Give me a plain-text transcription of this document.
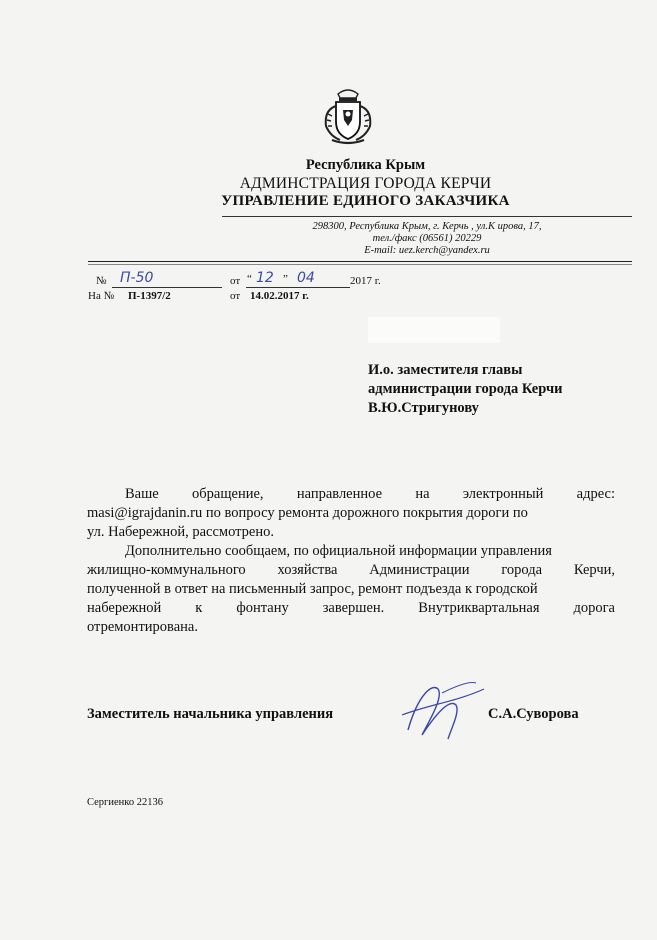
Республика Крым
АДМИНСТРАЦИЯ ГОРОДА КЕРЧИ
УПРАВЛЕНИЕ ЕДИНОГО ЗАКАЗЧИКА
298300, Республика Крым, г. Керчь , ул.К ирова, 17,
тел./факс (06561) 20229
E-mail: uez.kerch@yandex.ru
№ П-50	от “ 12 ” 04	2017 г.
На № П-1397/2	от 14.02.2017 г.
И.о. заместителя главы
администрации города Керчи
В.Ю.Стригунову
Ваше обращение, направленное на электронный адрес:
masi@igrajdanin.ru по вопросу ремонта дорожного покрытия дороги по
ул. Набережной, рассмотрено.
Дополнительно сообщаем, по официальной информации управления
жилищно-коммунального хозяйства Администрации города Керчи,
полученной в ответ на письменный запрос, ремонт подъезда к городской
набережной к фонтану завершен. Внутриквартальная дорога
отремонтирована.
Заместитель начальника управления	С.А.Суворова
Сергиенко 22136
